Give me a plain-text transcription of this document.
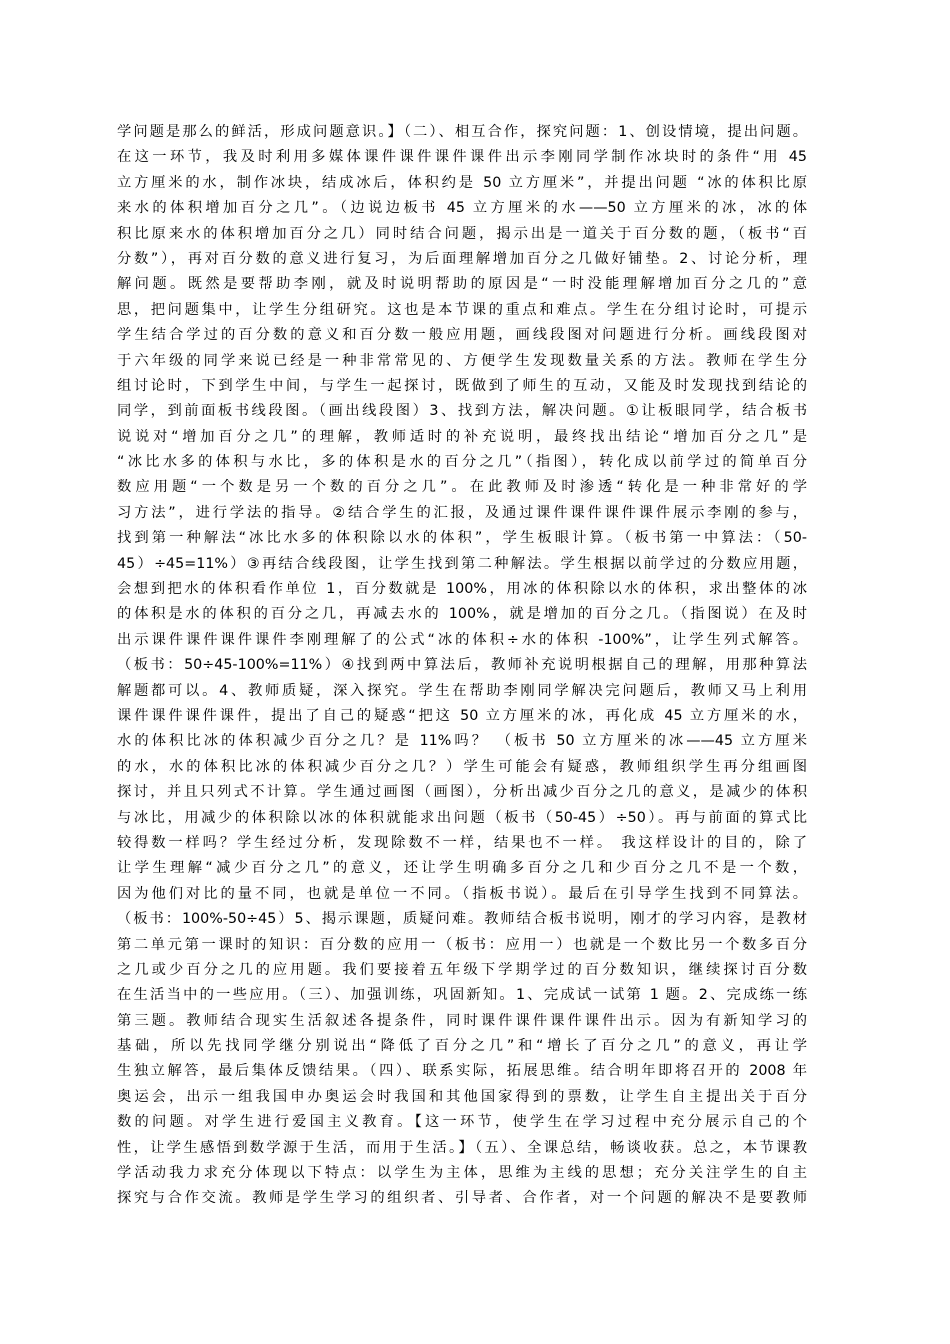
学问题是那么的鲜活，形成问题意识。】（二）、相互合作，探究问题：1、创设情境，提出问题。
在这一环节，我及时利用多媒体课件课件课件课件出示李刚同学制作冰块时的条件“用 45
立方厘米的水，制作冰块，结成冰后，体积约是 50 立方厘米”，并提出问题 “冰的体积比原
来水的体积增加百分之几”。（边说边板书 45 立方厘米的水——50 立方厘米的冰，冰的体
积比原来水的体积增加百分之几）同时结合问题，揭示出是一道关于百分数的题，（板书“百
分数”），再对百分数的意义进行复习，为后面理解增加百分之几做好铺垫。2、讨论分析，理
解问题。既然是要帮助李刚，就及时说明帮助的原因是“一时没能理解增加百分之几的”意
思，把问题集中，让学生分组研究。这也是本节课的重点和难点。学生在分组讨论时，可提示
学生结合学过的百分数的意义和百分数一般应用题，画线段图对问题进行分析。画线段图对
于六年级的同学来说已经是一种非常常见的、方便学生发现数量关系的方法。教师在学生分
组讨论时，下到学生中间，与学生一起探讨，既做到了师生的互动，又能及时发现找到结论的
同学，到前面板书线段图。（画出线段图）3、找到方法，解决问题。①让板眼同学，结合板书
说说对“增加百分之几”的理解，教师适时的补充说明，最终找出结论“增加百分之几”是
“冰比水多的体积与水比，多的体积是水的百分之几”（指图），转化成以前学过的简单百分
数应用题“一个数是另一个数的百分之几”。在此教师及时渗透“转化是一种非常好的学
习方法”，进行学法的指导。②结合学生的汇报，及通过课件课件课件课件展示李刚的参与，
找到第一种解法“冰比水多的体积除以水的体积”，学生板眼计算。（板书第一中算法：（50-
45）÷45=11%）③再结合线段图，让学生找到第二种解法。学生根据以前学过的分数应用题，
会想到把水的体积看作单位 1，百分数就是 100%，用冰的体积除以水的体积，求出整体的冰
的体积是水的体积的百分之几，再减去水的 100%，就是增加的百分之几。（指图说）在及时
出示课件课件课件课件李刚理解了的公式“冰的体积÷水的体积 -100%”，让学生列式解答。
（板书：50÷45-100%=11%）④找到两中算法后，教师补充说明根据自己的理解，用那种算法
解题都可以。4、教师质疑，深入探究。学生在帮助李刚同学解决完问题后，教师又马上利用
课件课件课件课件，提出了自己的疑惑“把这 50 立方厘米的冰，再化成 45 立方厘米的水，
水的体积比冰的体积减少百分之几？是 11%吗？ （板书 50 立方厘米的冰——45 立方厘米
的水，水的体积比冰的体积减少百分之几？）学生可能会有疑惑，教师组织学生再分组画图
探讨，并且只列式不计算。学生通过画图（画图），分析出减少百分之几的意义，是减少的体积
与冰比，用减少的体积除以冰的体积就能求出问题（板书（50-45）÷50）。再与前面的算式比
较得数一样吗？学生经过分析，发现除数不一样，结果也不一样。 我这样设计的目的，除了
让学生理解“减少百分之几”的意义，还让学生明确多百分之几和少百分之几不是一个数，
因为他们对比的量不同，也就是单位一不同。（指板书说）。最后在引导学生找到不同算法。
（板书：100%-50÷45）5、揭示课题，质疑问难。教师结合板书说明，刚才的学习内容，是教材
第二单元第一课时的知识：百分数的应用一（板书：应用一）也就是一个数比另一个数多百分
之几或少百分之几的应用题。我们要接着五年级下学期学过的百分数知识，继续探讨百分数
在生活当中的一些应用。（三）、加强训练，巩固新知。1、完成试一试第 1 题。2、完成练一练
第三题。教师结合现实生活叙述各提条件，同时课件课件课件课件出示。因为有新知学习的
基础，所以先找同学继分别说出“降低了百分之几”和“增长了百分之几”的意义，再让学
生独立解答，最后集体反馈结果。（四）、联系实际，拓展思维。结合明年即将召开的 2008 年
奥运会，出示一组我国申办奥运会时我国和其他国家得到的票数，让学生自主提出关于百分
数的问题。对学生进行爱国主义教育。【这一环节，使学生在学习过程中充分展示自己的个
性，让学生感悟到数学源于生活，而用于生活。】（五）、全课总结，畅谈收获。总之，本节课教
学活动我力求充分体现以下特点：以学生为主体，思维为主线的思想；充分关注学生的自主
探究与合作交流。教师是学生学习的组织者、引导者、合作者，对一个问题的解决不是要教师
